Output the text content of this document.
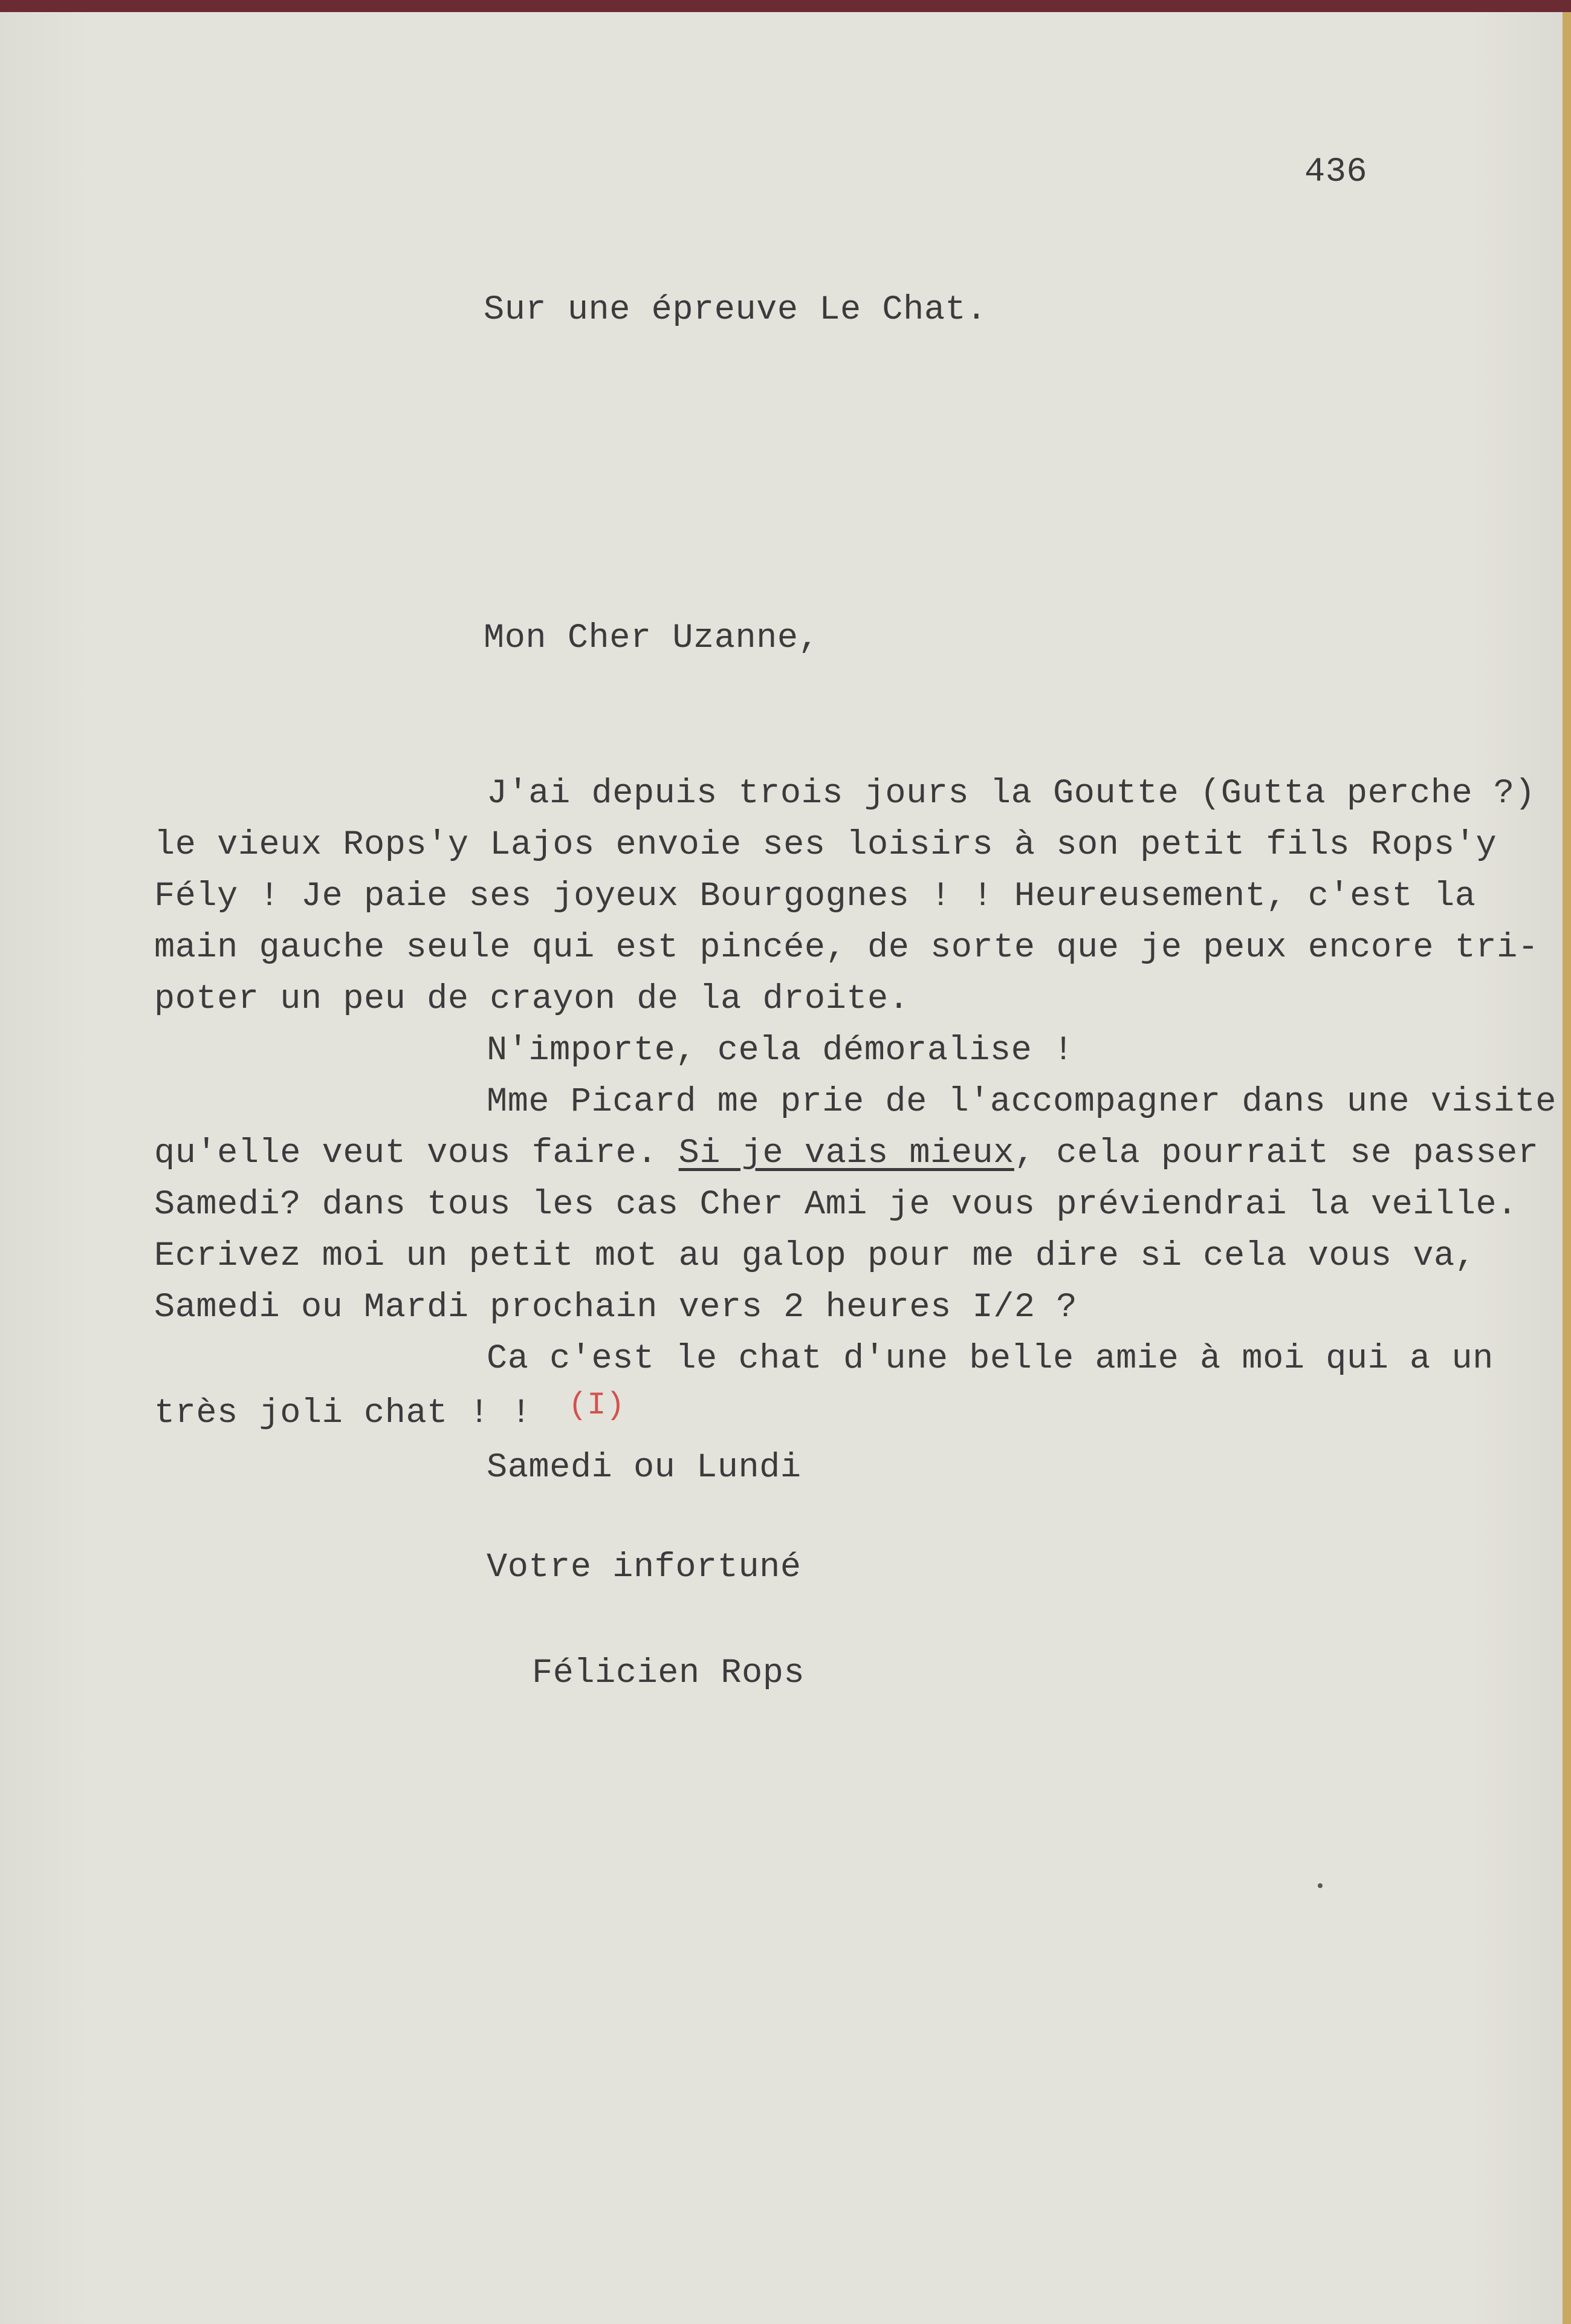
436

Sur une épreuve Le Chat.

Mon Cher Uzanne,

J'ai depuis trois jours la Goutte (Gutta perche ?)

le vieux Rops'y Lajos envoie ses loisirs à son petit fils Rops'y

Fély ! Je paie ses joyeux Bourgognes ! ! Heureusement, c'est la

main gauche seule qui est pincée, de sorte que je peux encore tri-

poter un peu de crayon de la droite.

N'importe, cela démoralise !

Mme Picard me prie de l'accompagner dans une visite

qu'elle veut vous faire. Si je vais mieux, cela pourrait se passer

Samedi? dans tous les cas Cher Ami je vous préviendrai la veille.

Ecrivez moi un petit mot au galop pour me dire si cela vous va,

Samedi ou Mardi prochain vers 2 heures I/2 ?

Ca c'est le chat d'une belle amie à moi qui a un

très joli chat ! ! (I)

Samedi ou Lundi

Votre infortuné

Félicien Rops
